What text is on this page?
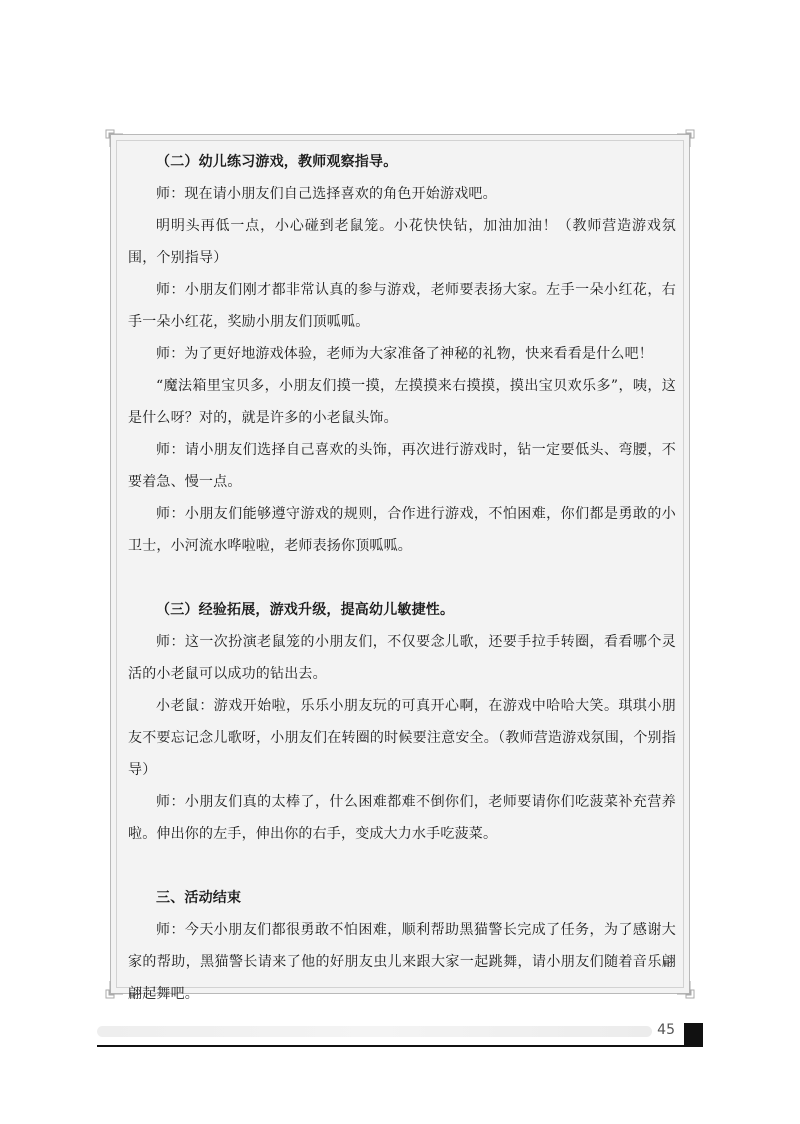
（二）幼儿练习游戏，教师观察指导。

师：现在请小朋友们自己选择喜欢的角色开始游戏吧。

明明头再低一点，小心碰到老鼠笼。小花快快钻，加油加油！（教师营造游戏氛围，个别指导）

师：小朋友们刚才都非常认真的参与游戏，老师要表扬大家。左手一朵小红花，右手一朵小红花，奖励小朋友们顶呱呱。

师：为了更好地游戏体验，老师为大家准备了神秘的礼物，快来看看是什么吧！

“魔法箱里宝贝多，小朋友们摸一摸，左摸摸来右摸摸，摸出宝贝欢乐多”，咦，这是什么呀？对的，就是许多的小老鼠头饰。

师：请小朋友们选择自己喜欢的头饰，再次进行游戏时，钻一定要低头、弯腰，不要着急、慢一点。

师：小朋友们能够遵守游戏的规则，合作进行游戏，不怕困难，你们都是勇敢的小卫士，小河流水哗啦啦，老师表扬你顶呱呱。

（三）经验拓展，游戏升级，提高幼儿敏捷性。

师：这一次扮演老鼠笼的小朋友们，不仅要念儿歌，还要手拉手转圈，看看哪个灵活的小老鼠可以成功的钻出去。

小老鼠：游戏开始啦，乐乐小朋友玩的可真开心啊，在游戏中哈哈大笑。琪琪小朋友不要忘记念儿歌呀，小朋友们在转圈的时候要注意安全。（教师营造游戏氛围，个别指导）

师：小朋友们真的太棒了，什么困难都难不倒你们，老师要请你们吃菠菜补充营养啦。伸出你的左手，伸出你的右手，变成大力水手吃菠菜。

三、活动结束

师：今天小朋友们都很勇敢不怕困难，顺利帮助黑猫警长完成了任务，为了感谢大家的帮助，黑猫警长请来了他的好朋友虫儿来跟大家一起跳舞，请小朋友们随着音乐翩翩起舞吧。

45
